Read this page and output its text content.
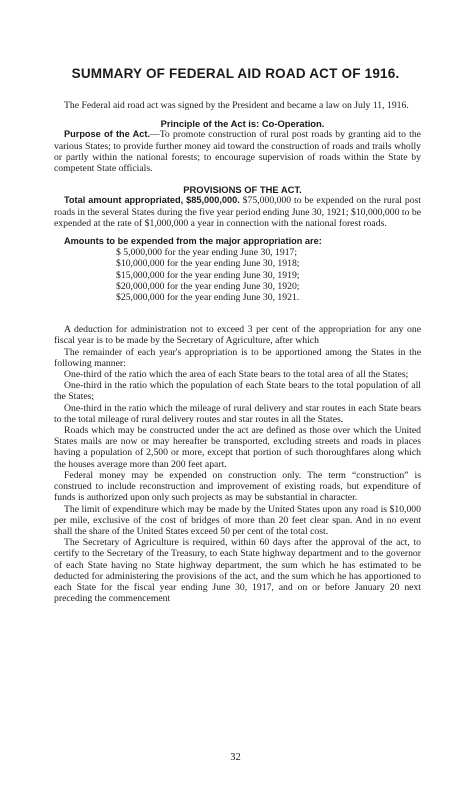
SUMMARY OF FEDERAL AID ROAD ACT OF 1916.

The Federal aid road act was signed by the President and became a law on July 11, 1916.

Principle of the Act is: Co-Operation.

Purpose of the Act.—To promote construction of rural post roads by granting aid to the various States; to provide further money aid toward the construction of roads and trails wholly or partly within the national forests; to encourage supervision of roads within the State by competent State officials.

PROVISIONS OF THE ACT.

Total amount appropriated, $85,000,000. $75,000,000 to be expended on the rural post roads in the several States during the five year period ending June 30, 1921; $10,000,000 to be expended at the rate of $1,000,000 a year in connection with the national forest roads.

Amounts to be expended from the major appropriation are:

$ 5,000,000 for the year ending June 30, 1917;
$10,000,000 for the year ending June 30, 1918;
$15,000,000 for the year ending June 30, 1919;
$20,000,000 for the year ending June 30, 1920;
$25,000,000 for the year ending June 30, 1921.

A deduction for administration not to exceed 3 per cent of the appropriation for any one fiscal year is to be made by the Secretary of Agriculture, after which

The remainder of each year's appropriation is to be apportioned among the States in the following manner:

One-third of the ratio which the area of each State bears to the total area of all the States;

One-third in the ratio which the population of each State bears to the total population of all the States;

One-third in the ratio which the mileage of rural delivery and star routes in each State bears to the total mileage of rural delivery routes and star routes in all the States.

Roads which may be constructed under the act are defined as those over which the United States mails are now or may hereafter be transported, excluding streets and roads in places having a population of 2,500 or more, except that portion of such thoroughfares along which the houses average more than 200 feet apart.

Federal money may be expended on construction only. The term “construction” is construed to include reconstruction and improvement of existing roads, but expenditure of funds is authorized upon only such projects as may be substantial in character.

The limit of expenditure which may be made by the United States upon any road is $10,000 per mile, exclusive of the cost of bridges of more than 20 feet clear span. And in no event shall the share of the United States exceed 50 per cent of the total cost.

The Secretary of Agriculture is required, within 60 days after the approval of the act, to certify to the Secretary of the Treasury, to each State highway department and to the governor of each State having no State highway department, the sum which he has estimated to be deducted for administering the provisions of the act, and the sum which he has apportioned to each State for the fiscal year ending June 30, 1917, and on or before January 20 next preceding the commencement

32
